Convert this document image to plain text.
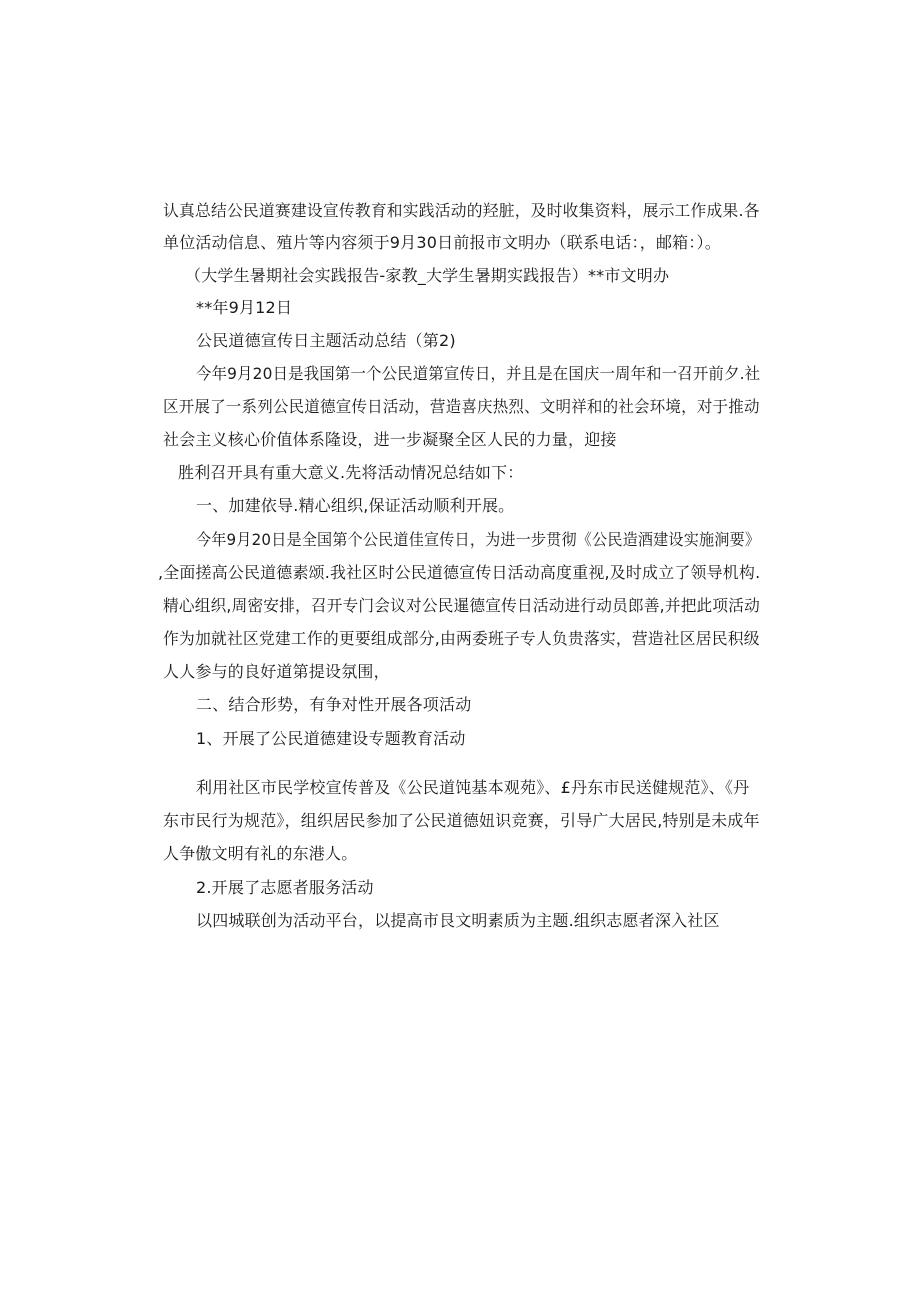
认真总结公民道赛建设宣传教育和实践活动的羟脏，及时收集资料，展示工作成果.各
单位活动信息、殖片等内容须于9月30日前报市文明办（联系电话：，邮箱：）。
（大学生暑期社会实践报告-家教_大学生暑期实践报告）**市文明办
**年9月12日
公民道德宣传日主题活动总结（第2)
今年9月20日是我国第一个公民道第宣传日，并且是在国庆一周年和一召开前夕.社
区开展了一系列公民道德宣传日活动，营造喜庆热烈、文明祥和的社会环境，对于推动
社会主义核心价值体系隆设，进一步凝聚全区人民的力量，迎接
胜利召开具有重大意义.先将活动情况总结如下：
一、加建依导.精心组织,保证活动顺利开展。
今年9月20日是全国第个公民道佳宣传日，为进一步贯彻《公民造酒建设实施涧要》
,全面搓高公民道德素颂.我社区时公民道德宣传日活动高度重视,及时成立了领导机构.
精心组织,周密安排，召开专门会议对公民暹德宣传日活动进行动员郎善,并把此项活动
作为加就社区党建工作的更要组成部分,由两委班子专人负贵落实，营造社区居民积级
人人参与的良好道第提设氛围，
二、结合形势，有争对性开展各项活动
1、开展了公民道德建设专题教育活动
利用社区市民学校宣传普及《公民道饨基本观苑》、£丹东市民送健规范》、《丹
东市民行为规范》，组织居民参加了公民道德妞识竞赛，引导广大居民,特别是未成年
人争傲文明有礼的东港人。
2.开展了志愿者服务活动
以四城联创为活动平台，以提高市艮文明素质为主题.组织志愿者深入社区
